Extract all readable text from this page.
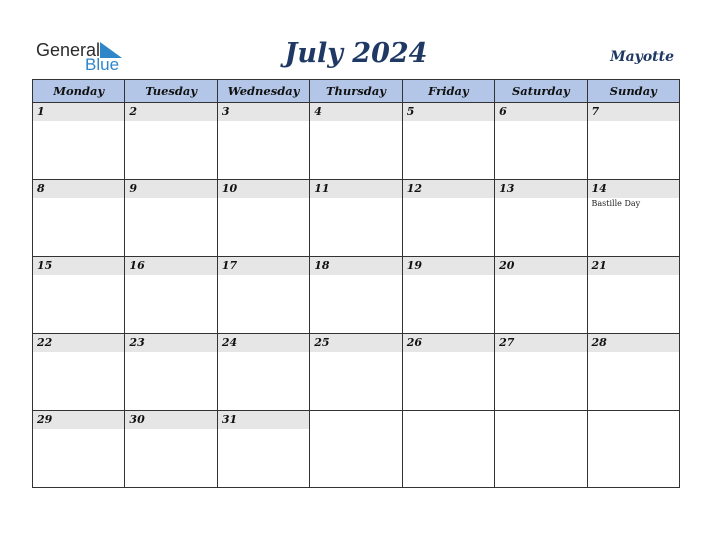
General
Blue	July 2024	Mayotte
Monday	Tuesday	Wednesday	Thursday	Friday	Saturday	Sunday

1	2	3	4	5	6	7

8	9	10	11	12	13	14
Bastille Day

15	16	17	18	19	20	21

22	23	24	25	26	27	28

29	30	31				
